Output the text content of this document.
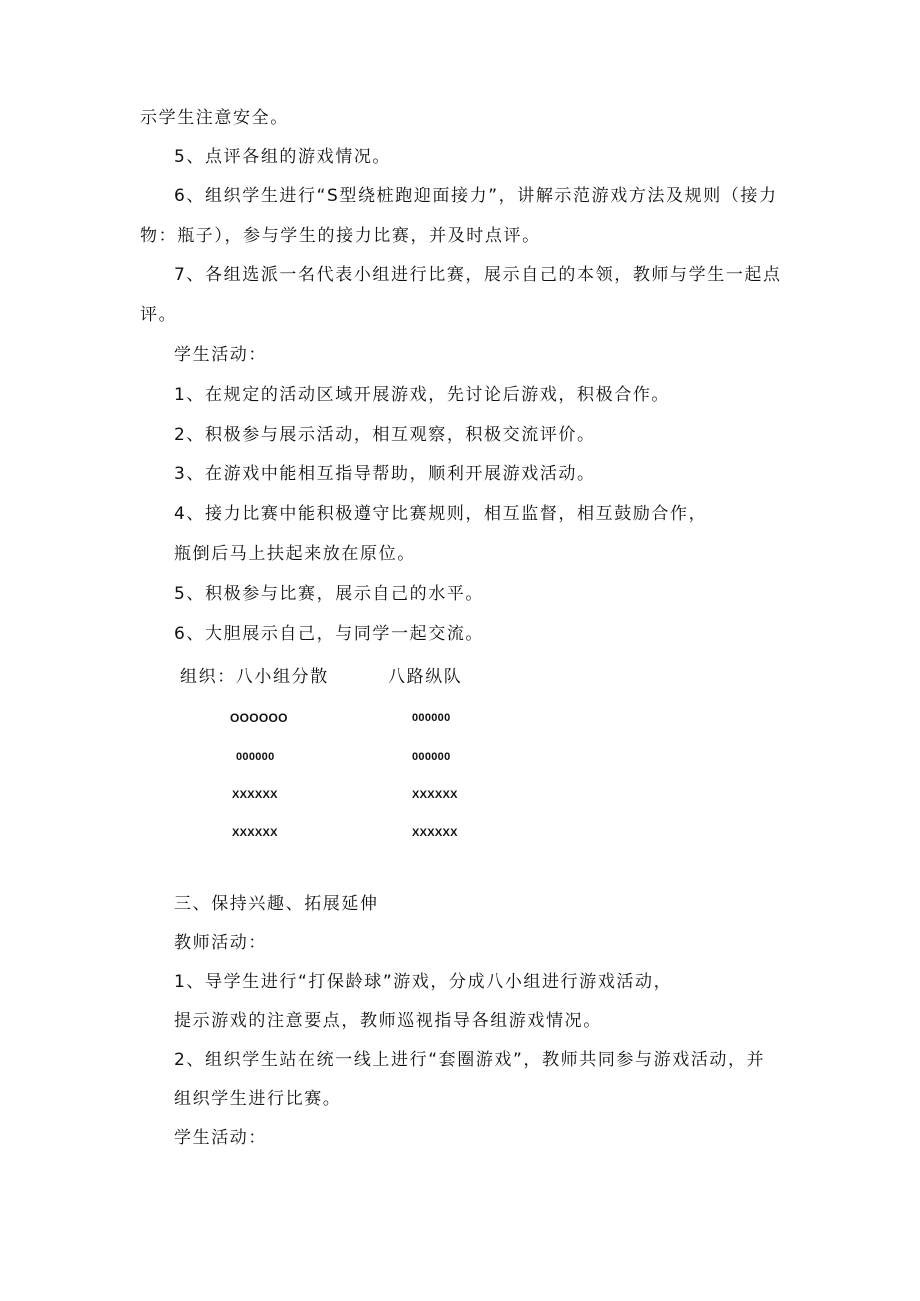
示学生注意安全。
5、点评各组的游戏情况。
6、组织学生进行“S型绕桩跑迎面接力”，讲解示范游戏方法及规则（接力
物：瓶子），参与学生的接力比赛，并及时点评。
7、各组选派一名代表小组进行比赛，展示自己的本领，教师与学生一起点
评。
学生活动：
1、在规定的活动区域开展游戏，先讨论后游戏，积极合作。
2、积极参与展示活动，相互观察，积极交流评价。
3、在游戏中能相互指导帮助，顺利开展游戏活动。
4、接力比赛中能积极遵守比赛规则，相互监督，相互鼓励合作，
瓶倒后马上扶起来放在原位。
5、积极参与比赛，展示自己的水平。
6、大胆展示自己，与同学一起交流。
组织：八小组分散	八路纵队
OOOOOO
000000
XXXXXX
XXXXXX
000000
000000
XXXXXX
XXXXXX
三、保持兴趣、拓展延伸
教师活动：
1、导学生进行“打保龄球”游戏，分成八小组进行游戏活动，
提示游戏的注意要点，教师巡视指导各组游戏情况。
2、组织学生站在统一线上进行“套圈游戏”，教师共同参与游戏活动，并
组织学生进行比赛。
学生活动：
